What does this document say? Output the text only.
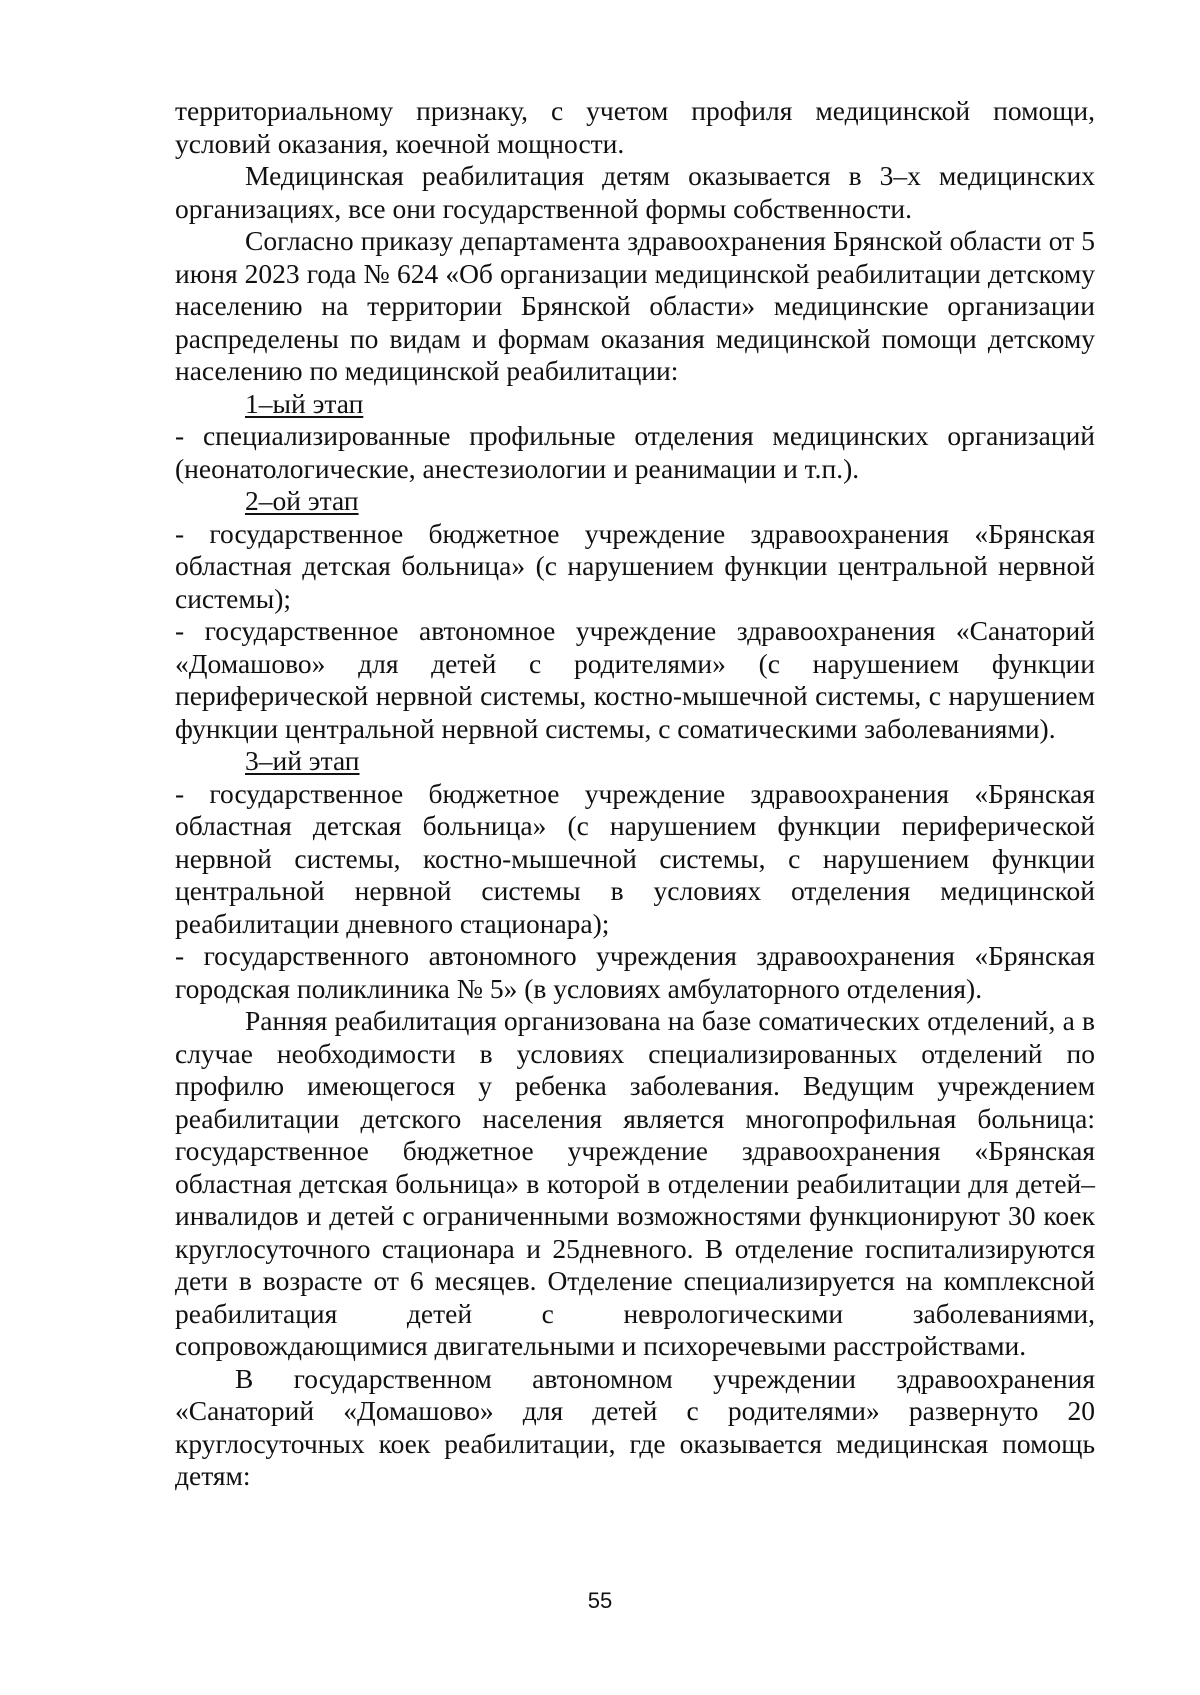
территориальному признаку, с учетом профиля медицинской помощи, условий оказания, коечной мощности.

Медицинская реабилитация детям оказывается в 3–х медицинских организациях, все они государственной формы собственности.

Согласно приказу департамента здравоохранения Брянской области от 5 июня 2023 года № 624 «Об организации медицинской реабилитации детскому населению на территории Брянской области» медицинские организации распределены по видам и формам оказания медицинской помощи детскому населению по медицинской реабилитации:

1–ый этап

- специализированные профильные отделения медицинских организаций (неонатологические, анестезиологии и реанимации и т.п.).

2–ой этап

- государственное бюджетное учреждение здравоохранения «Брянская областная детская больница» (с нарушением функции центральной нервной системы);

- государственное автономное учреждение здравоохранения «Санаторий «Домашово» для детей с родителями» (с нарушением функции периферической нервной системы, костно-мышечной системы, с нарушением функции центральной нервной системы, с соматическими заболеваниями).

3–ий этап

- государственное бюджетное учреждение здравоохранения «Брянская областная детская больница» (с нарушением функции периферической нервной системы, костно-мышечной системы, с нарушением функции центральной нервной системы в условиях отделения медицинской реабилитации дневного стационара);

- государственного автономного учреждения здравоохранения «Брянская городская поликлиника № 5» (в условиях амбулаторного отделения).

Ранняя реабилитация организована на базе соматических отделений, а в случае необходимости в условиях специализированных отделений по профилю имеющегося у ребенка заболевания. Ведущим учреждением реабилитации детского населения является многопрофильная больница: государственное бюджетное учреждение здравоохранения «Брянская областная детская больница» в которой в отделении реабилитации для детей–инвалидов и детей с ограниченными возможностями функционируют 30 коек круглосуточного стационара и 25дневного. В отделение госпитализируются дети в возрасте от 6 месяцев. Отделение специализируется на комплексной реабилитация детей с неврологическими заболеваниями, сопровождающимися двигательными и психоречевыми расстройствами.

В государственном автономном учреждении здравоохранения «Санаторий «Домашово» для детей с родителями» развернуто 20 круглосуточных коек реабилитации, где оказывается медицинская помощь детям:

55
